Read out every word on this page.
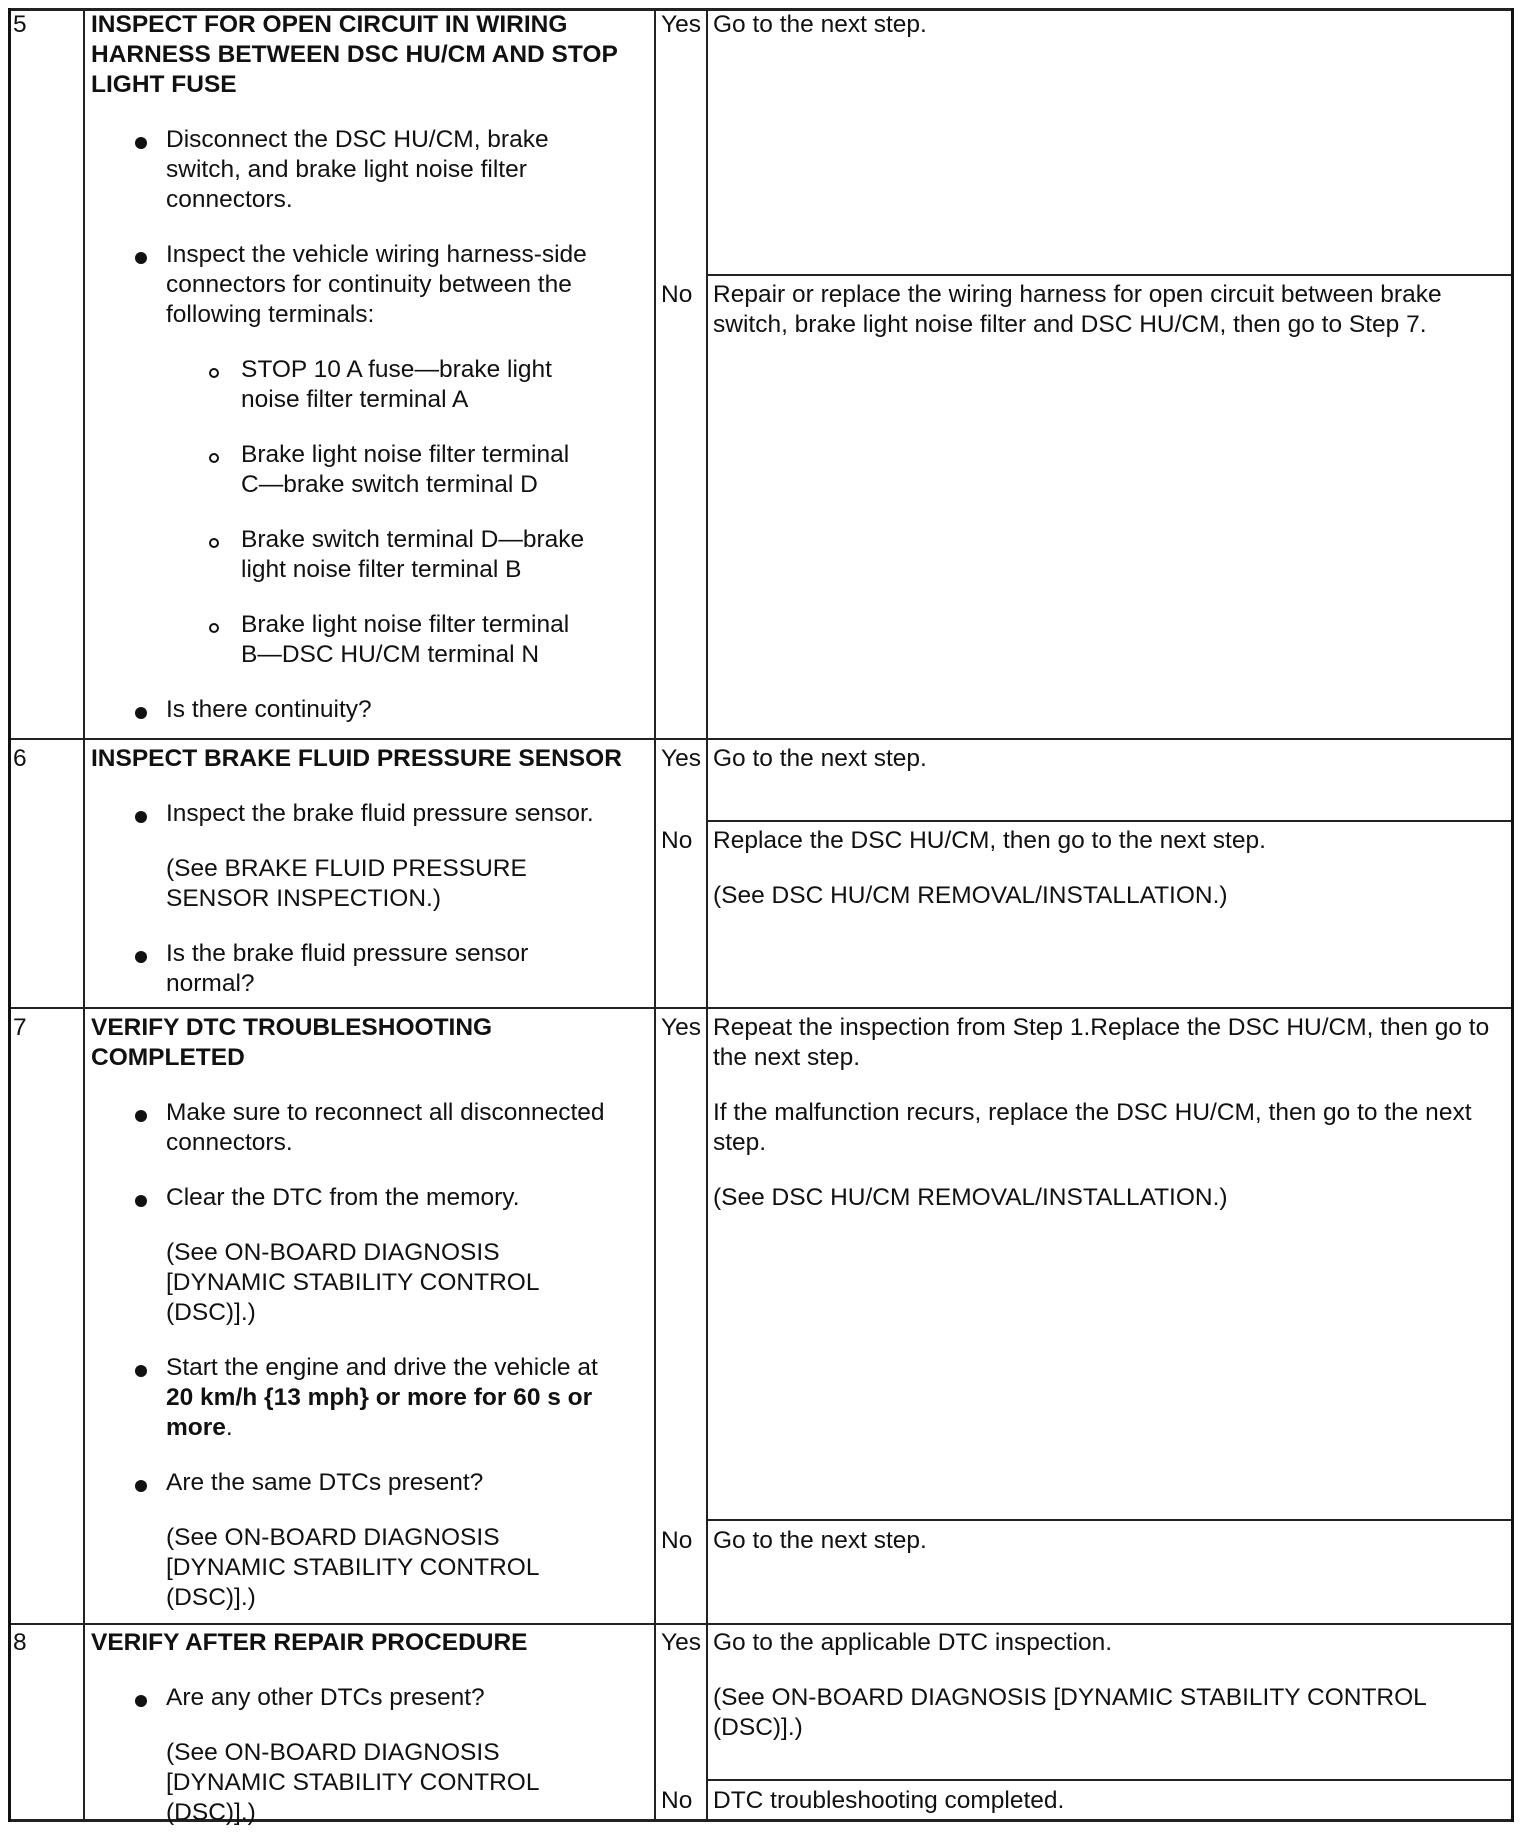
5	INSPECT FOR OPEN CIRCUIT IN WIRING
HARNESS BETWEEN DSC HU/CM AND STOP
LIGHT FUSE
Disconnect the DSC HU/CM, brake
switch, and brake light noise filter
connectors.
Inspect the vehicle wiring harness-side
connectors for continuity between the
following terminals:
STOP 10 A fuse—brake light
noise filter terminal A
Brake light noise filter terminal
C—brake switch terminal D
Brake switch terminal D—brake
light noise filter terminal B
Brake light noise filter terminal
B—DSC HU/CM terminal N
Is there continuity?
Yes Go to the next step.
No Repair or replace the wiring harness for open circuit between brake
switch, brake light noise filter and DSC HU/CM, then go to Step 7.
6	INSPECT BRAKE FLUID PRESSURE SENSOR
Inspect the brake fluid pressure sensor.
(See BRAKE FLUID PRESSURE
SENSOR INSPECTION.)
Is the brake fluid pressure sensor
normal?
Yes Go to the next step.
No Replace the DSC HU/CM, then go to the next step.
(See DSC HU/CM REMOVAL/INSTALLATION.)
7	VERIFY DTC TROUBLESHOOTING
COMPLETED
Make sure to reconnect all disconnected
connectors.
Clear the DTC from the memory.
(See ON-BOARD DIAGNOSIS
[DYNAMIC STABILITY CONTROL
(DSC)].)
Start the engine and drive the vehicle at
20 km/h {13 mph} or more for 60 s or
more.
Are the same DTCs present?
(See ON-BOARD DIAGNOSIS
[DYNAMIC STABILITY CONTROL
(DSC)].)
Yes Repeat the inspection from Step 1.Replace the DSC HU/CM, then go to
the next step.
If the malfunction recurs, replace the DSC HU/CM, then go to the next
step.
(See DSC HU/CM REMOVAL/INSTALLATION.)
No Go to the next step.
8	VERIFY AFTER REPAIR PROCEDURE
Are any other DTCs present?
(See ON-BOARD DIAGNOSIS
[DYNAMIC STABILITY CONTROL
(DSC)].)
Yes Go to the applicable DTC inspection.
(See ON-BOARD DIAGNOSIS [DYNAMIC STABILITY CONTROL
(DSC)].)
No DTC troubleshooting completed.
